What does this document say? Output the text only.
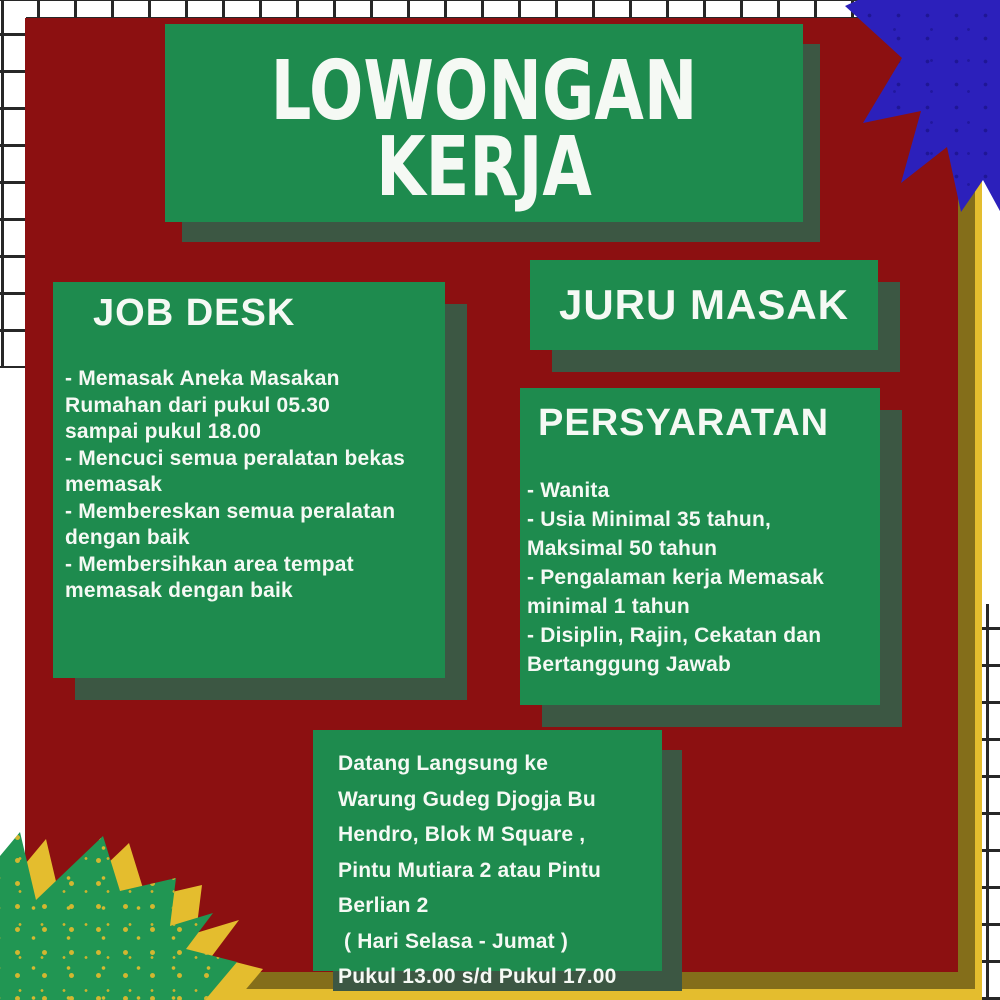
LOWONGAN
KERJA
JOB DESK
- Memasak Aneka Masakan
Rumahan dari pukul 05.30
sampai pukul 18.00
- Mencuci semua peralatan bekas
memasak
- Membereskan semua peralatan
dengan baik
- Membersihkan area tempat
memasak dengan baik
JURU MASAK
PERSYARATAN
- Wanita
- Usia Minimal 35 tahun,
Maksimal 50 tahun
- Pengalaman kerja Memasak
minimal 1 tahun
- Disiplin, Rajin, Cekatan dan
Bertanggung Jawab
Datang Langsung ke
Warung Gudeg Djogja Bu
Hendro, Blok M Square ,
Pintu Mutiara 2 atau Pintu
Berlian 2
( Hari Selasa - Jumat )
Pukul 13.00 s/d Pukul 17.00
